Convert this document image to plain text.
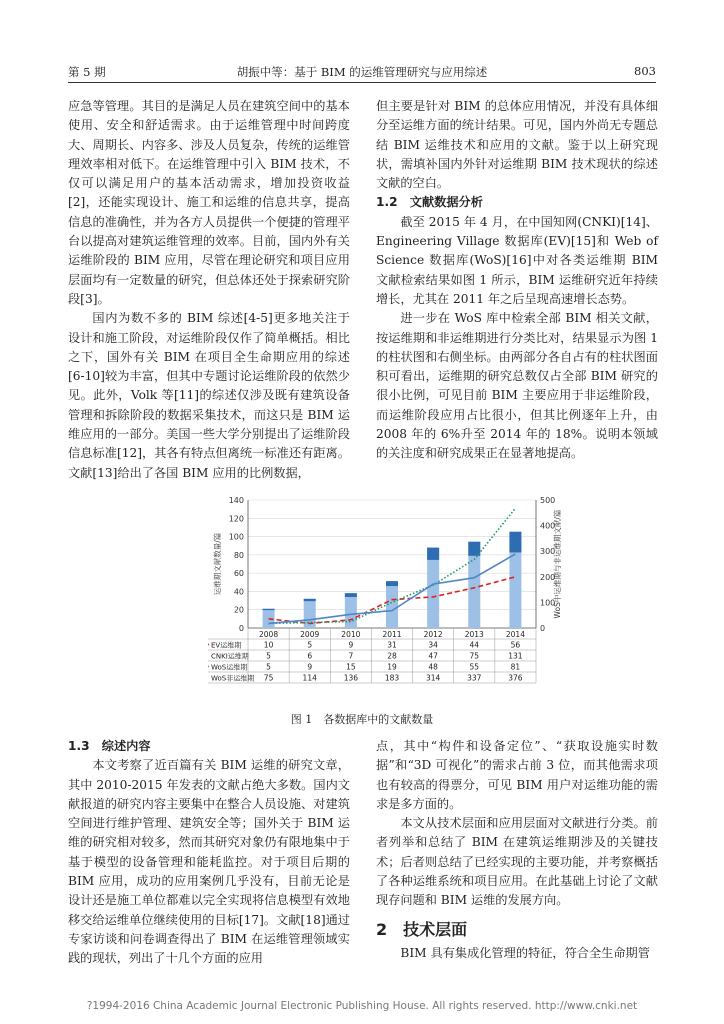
第 5 期	胡振中等：基于 BIM 的运维管理研究与应用综述	803

应急等管理。其目的是满足人员在建筑空间中的基本使用、安全和舒适需求。由于运维管理中时间跨度大、周期长、内容多、涉及人员复杂，传统的运维管理效率相对低下。在运维管理中引入 BIM 技术，不仅可以满足用户的基本活动需求，增加投资收益[2]，还能实现设计、施工和运维的信息共享，提高信息的准确性，并为各方人员提供一个便捷的管理平台以提高对建筑运维管理的效率。目前，国内外有关运维阶段的 BIM 应用，尽管在理论研究和项目应用层面均有一定数量的研究，但总体还处于探索研究阶段[3]。

国内为数不多的 BIM 综述[4-5]更多地关注于设计和施工阶段，对运维阶段仅作了简单概括。相比之下，国外有关 BIM 在项目全生命期应用的综述[6-10]较为丰富，但其中专题讨论运维阶段的依然少见。此外，Volk 等[11]的综述仅涉及既有建筑设备管理和拆除阶段的数据采集技术，而这只是 BIM 运维应用的一部分。美国一些大学分别提出了运维阶段信息标准[12]，其各有特点但离统一标准还有距离。文献[13]给出了各国 BIM 应用的比例数据，

但主要是针对 BIM 的总体应用情况，并没有具体细分至运维方面的统计结果。可见，国内外尚无专题总结 BIM 运维技术和应用的文献。鉴于以上研究现状，需填补国内外针对运维期 BIM 技术现状的综述文献的空白。

1.2　文献数据分析

截至 2015 年 4 月，在中国知网(CNKI)[14]、Engineering Village 数据库(EV)[15]和 Web of Science 数据库(WoS)[16]中对各类运维期 BIM 文献检索结果如图 1 所示，BIM 运维研究近年持续增长，尤其在 2011 年之后呈现高速增长态势。

进一步在 WoS 库中检索全部 BIM 相关文献，按运维期和非运维期进行分类比对，结果显示为图 1 的柱状图和右侧坐标。由两部分各自占有的柱状图面积可看出，运维期的研究总数仅占全部 BIM 研究的很小比例，可见目前 BIM 主要应用于非运维阶段，而运维阶段应用占比很小，但其比例逐年上升，由 2008 年的 6%升至 2014 年的 18%。说明本领域的关注度和研究成果正在显著地提高。

0
20
40
60
80
100
120
140
0
100
200
300
400
500
运维期文献数量/篇	WoS中运维期与非运维期文献/篇
2008	2009	2010	2011	2012	2013	2014
EV运维期	10	5	9	31	34	44	56
CNKI运维期 5	6	7	28	47	75	131
WoS运维期	5	9	15	19	48	55	81
WoS非运维期 75	114	136	183	314	337	376
图 1　各数据库中的文献数量

1.3　综述内容

本文考察了近百篇有关 BIM 运维的研究文章，其中 2010-2015 年发表的文献占绝大多数。国内文献报道的研究内容主要集中在整合人员设施、对建筑空间进行维护管理、建筑安全等；国外关于 BIM 运维的研究相对较多，然而其研究对象仍有限地集中于基于模型的设备管理和能耗监控。对于项目后期的 BIM 应用，成功的应用案例几乎没有，目前无论是设计还是施工单位都难以完全实现将信息模型有效地移交给运维单位继续使用的目标[17]。文献[18]通过专家访谈和问卷调查得出了 BIM 在运维管理领域实践的现状，列出了十几个方面的应用

点，其中“构件和设备定位”、“获取设施实时数据”和“3D 可视化”的需求占前 3 位，而其他需求项也有较高的得票分，可见 BIM 用户对运维功能的需求是多方面的。

本文从技术层面和应用层面对文献进行分类。前者列举和总结了 BIM 在建筑运维期涉及的关键技术；后者则总结了已经实现的主要功能，并考察概括了各种运维系统和项目应用。在此基础上讨论了文献现存问题和 BIM 运维的发展方向。

2　技术层面

BIM 具有集成化管理的特征，符合全生命期管

?1994-2016 China Academic Journal Electronic Publishing House. All rights reserved. http://www.cnki.net
